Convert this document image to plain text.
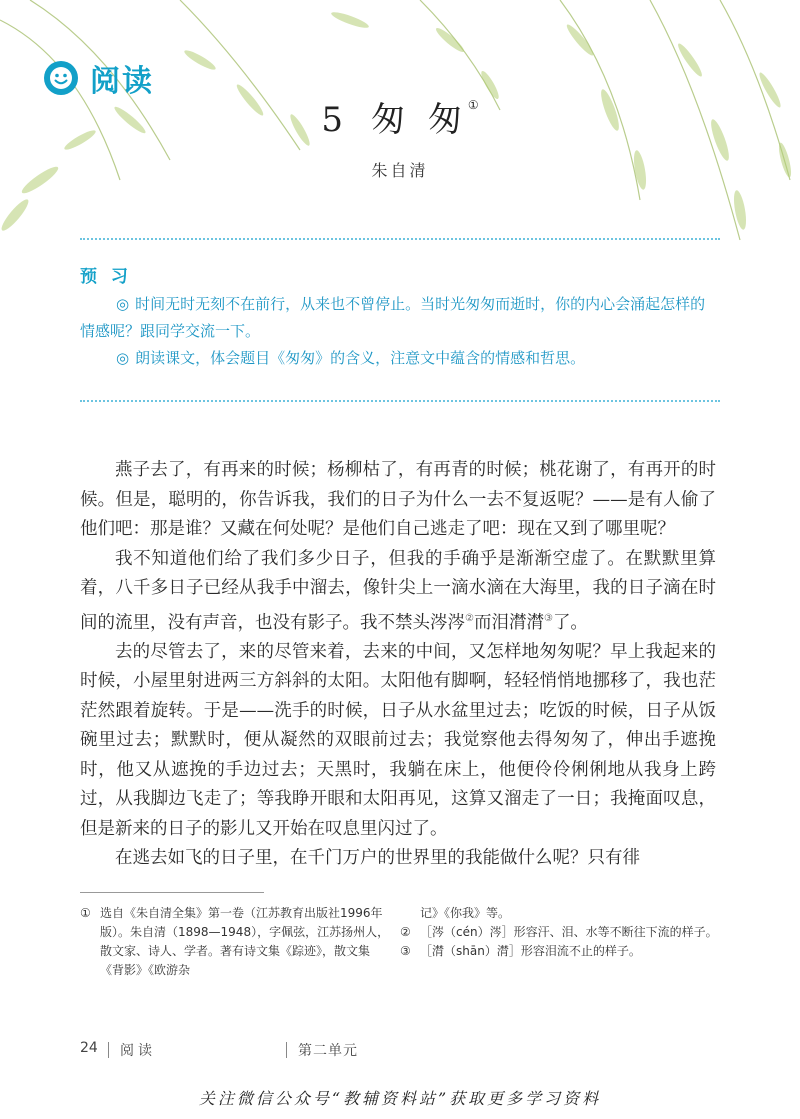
阅读
5 匆 匆①
朱自清
预 习
◎ 时间无时无刻不在前行，从来也不曾停止。当时光匆匆而逝时，你的内心会涌起怎样的情感呢？跟同学交流一下。
◎ 朗读课文，体会题目《匆匆》的含义，注意文中蕴含的情感和哲思。

燕子去了，有再来的时候；杨柳枯了，有再青的时候；桃花谢了，有再开的时候。但是，聪明的，你告诉我，我们的日子为什么一去不复返呢？——是有人偷了他们吧：那是谁？又藏在何处呢？是他们自己逃走了吧：现在又到了哪里呢？

我不知道他们给了我们多少日子，但我的手确乎是渐渐空虚了。在默默里算着，八千多日子已经从我手中溜去，像针尖上一滴水滴在大海里，我的日子滴在时间的流里，没有声音，也没有影子。我不禁头涔涔②而泪潸潸③了。

去的尽管去了，来的尽管来着，去来的中间，又怎样地匆匆呢？早上我起来的时候，小屋里射进两三方斜斜的太阳。太阳他有脚啊，轻轻悄悄地挪移了，我也茫茫然跟着旋转。于是——洗手的时候，日子从水盆里过去；吃饭的时候，日子从饭碗里过去；默默时，便从凝然的双眼前过去；我觉察他去得匆匆了，伸出手遮挽时，他又从遮挽的手边过去；天黑时，我躺在床上，他便伶伶俐俐地从我身上跨过，从我脚边飞走了；等我睁开眼和太阳再见，这算又溜走了一日；我掩面叹息，但是新来的日子的影儿又开始在叹息里闪过了。

在逃去如飞的日子里，在千门万户的世界里的我能做什么呢？只有徘

① 选自《朱自清全集》第一卷（江苏教育出版社1996年版）。朱自清（1898—1948），字佩弦，江苏扬州人，散文家、诗人、学者。著有诗文集《踪迹》，散文集《背影》《欧游杂
记》《你我》等。
② ［涔（cén）涔］形容汗、泪、水等不断往下流的样子。
③ ［潸（shān）潸］形容泪流不止的样子。
24 阅读	第二单元
关注微信公众号“教辅资料站”获取更多学习资料
